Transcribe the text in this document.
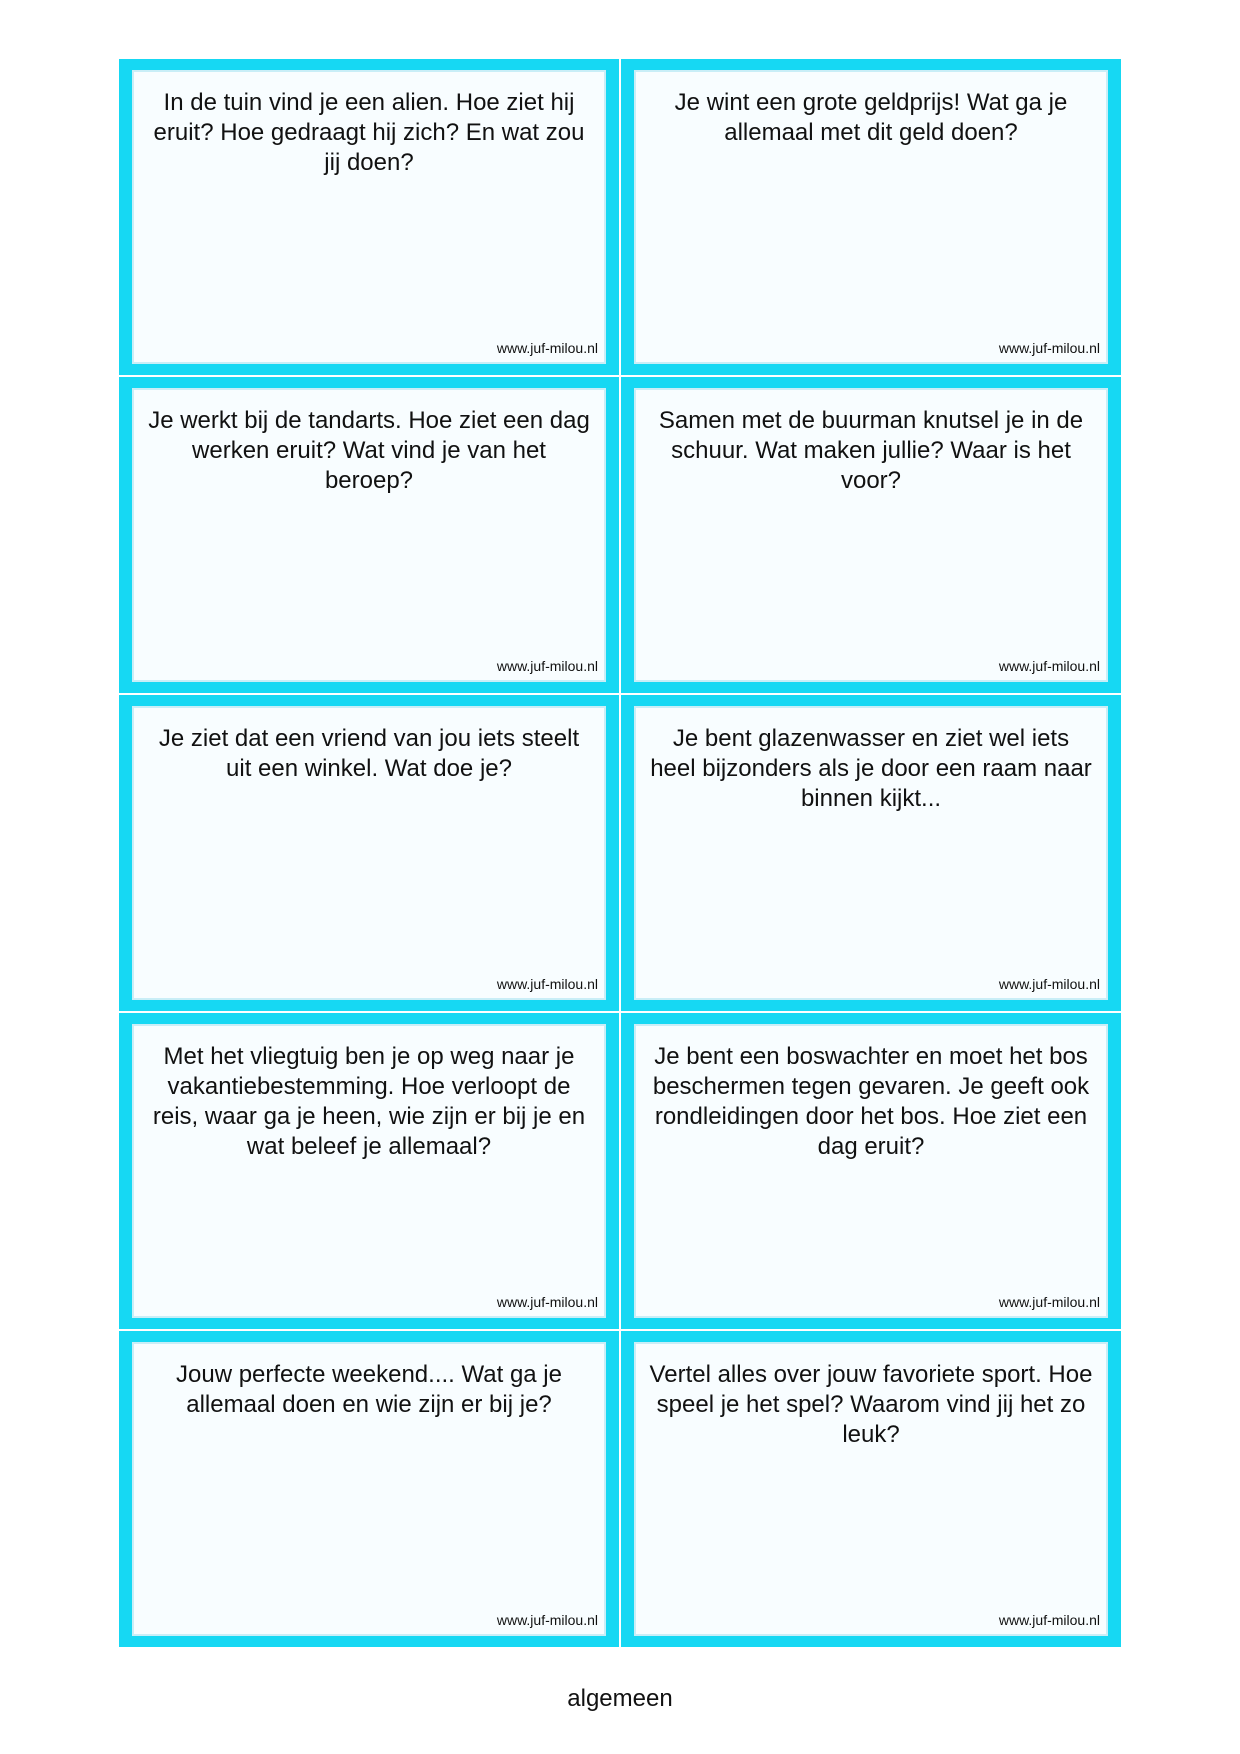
In de tuin vind je een alien. Hoe ziet hij eruit? Hoe gedraagt hij zich? En wat zou jij doen?

www.juf-milou.nl

Je wint een grote geldprijs! Wat ga je allemaal met dit geld doen?

www.juf-milou.nl

Je werkt bij de tandarts. Hoe ziet een dag werken eruit? Wat vind je van het beroep?

www.juf-milou.nl

Samen met de buurman knutsel je in de schuur. Wat maken jullie? Waar is het voor?

www.juf-milou.nl

Je ziet dat een vriend van jou iets steelt uit een winkel. Wat doe je?

www.juf-milou.nl

Je bent glazenwasser en ziet wel iets heel bijzonders als je door een raam naar binnen kijkt...

www.juf-milou.nl

Met het vliegtuig ben je op weg naar je vakantiebestemming. Hoe verloopt de reis, waar ga je heen, wie zijn er bij je en wat beleef je allemaal?

www.juf-milou.nl

Je bent een boswachter en moet het bos beschermen tegen gevaren. Je geeft ook rondleidingen door het bos. Hoe ziet een dag eruit?

www.juf-milou.nl

Jouw perfecte weekend.... Wat ga je allemaal doen en wie zijn er bij je?

www.juf-milou.nl

Vertel alles over jouw favoriete sport. Hoe speel je het spel? Waarom vind jij het zo leuk?

www.juf-milou.nl
algemeen
